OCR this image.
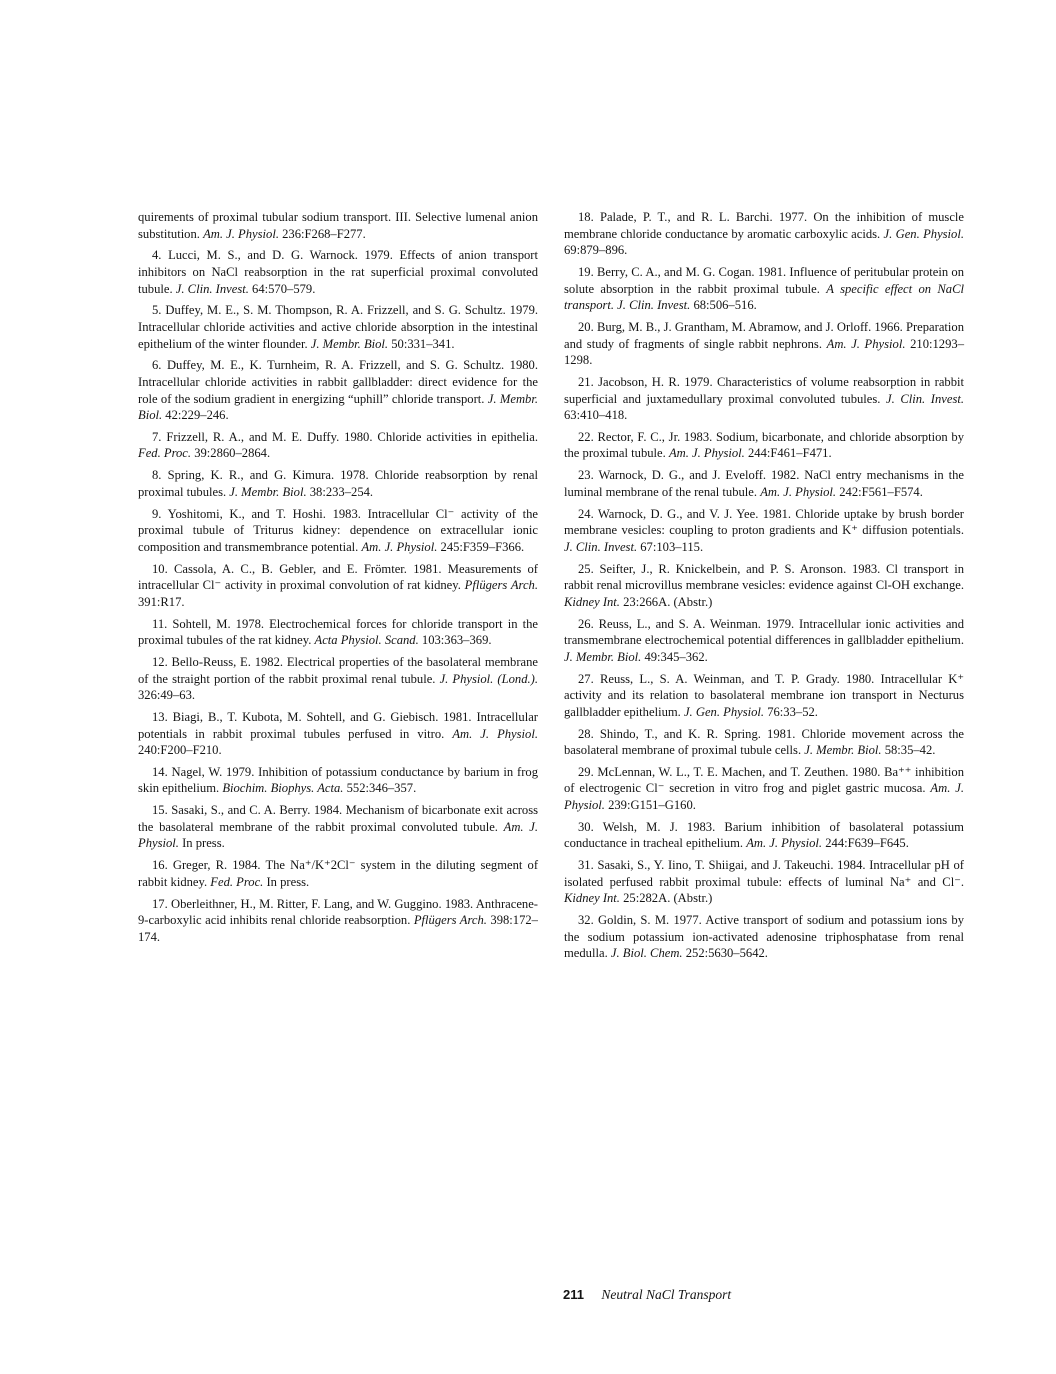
quirements of proximal tubular sodium transport. III. Selective lumenal anion substitution. Am. J. Physiol. 236:F268–F277.

4. Lucci, M. S., and D. G. Warnock. 1979. Effects of anion transport inhibitors on NaCl reabsorption in the rat superficial proximal convoluted tubule. J. Clin. Invest. 64:570–579.

5. Duffey, M. E., S. M. Thompson, R. A. Frizzell, and S. G. Schultz. 1979. Intracellular chloride activities and active chloride absorption in the intestinal epithelium of the winter flounder. J. Membr. Biol. 50:331–341.

6. Duffey, M. E., K. Turnheim, R. A. Frizzell, and S. G. Schultz. 1980. Intracellular chloride activities in rabbit gallbladder: direct evidence for the role of the sodium gradient in energizing “uphill” chloride transport. J. Membr. Biol. 42:229–246.

7. Frizzell, R. A., and M. E. Duffy. 1980. Chloride activities in epithelia. Fed. Proc. 39:2860–2864.

8. Spring, K. R., and G. Kimura. 1978. Chloride reabsorption by renal proximal tubules. J. Membr. Biol. 38:233–254.

9. Yoshitomi, K., and T. Hoshi. 1983. Intracellular Cl⁻ activity of the proximal tubule of Triturus kidney: dependence on extracellular ionic composition and transmembrance potential. Am. J. Physiol. 245:F359–F366.

10. Cassola, A. C., B. Gebler, and E. Frömter. 1981. Measurements of intracellular Cl⁻ activity in proximal convolution of rat kidney. Pflügers Arch. 391:R17.

11. Sohtell, M. 1978. Electrochemical forces for chloride transport in the proximal tubules of the rat kidney. Acta Physiol. Scand. 103:363–369.

12. Bello-Reuss, E. 1982. Electrical properties of the basolateral membrane of the straight portion of the rabbit proximal renal tubule. J. Physiol. (Lond.). 326:49–63.

13. Biagi, B., T. Kubota, M. Sohtell, and G. Giebisch. 1981. Intracellular potentials in rabbit proximal tubules perfused in vitro. Am. J. Physiol. 240:F200–F210.

14. Nagel, W. 1979. Inhibition of potassium conductance by barium in frog skin epithelium. Biochim. Biophys. Acta. 552:346–357.

15. Sasaki, S., and C. A. Berry. 1984. Mechanism of bicarbonate exit across the basolateral membrane of the rabbit proximal convoluted tubule. Am. J. Physiol. In press.

16. Greger, R. 1984. The Na⁺/K⁺2Cl⁻ system in the diluting segment of rabbit kidney. Fed. Proc. In press.

17. Oberleithner, H., M. Ritter, F. Lang, and W. Guggino. 1983. Anthracene-9-carboxylic acid inhibits renal chloride reabsorption. Pflügers Arch. 398:172–174.

18. Palade, P. T., and R. L. Barchi. 1977. On the inhibition of muscle membrane chloride conductance by aromatic carboxylic acids. J. Gen. Physiol. 69:879–896.

19. Berry, C. A., and M. G. Cogan. 1981. Influence of peritubular protein on solute absorption in the rabbit proximal tubule. A specific effect on NaCl transport. J. Clin. Invest. 68:506–516.

20. Burg, M. B., J. Grantham, M. Abramow, and J. Orloff. 1966. Preparation and study of fragments of single rabbit nephrons. Am. J. Physiol. 210:1293–1298.

21. Jacobson, H. R. 1979. Characteristics of volume reabsorption in rabbit superficial and juxtamedullary proximal convoluted tubules. J. Clin. Invest. 63:410–418.

22. Rector, F. C., Jr. 1983. Sodium, bicarbonate, and chloride absorption by the proximal tubule. Am. J. Physiol. 244:F461–F471.

23. Warnock, D. G., and J. Eveloff. 1982. NaCl entry mechanisms in the luminal membrane of the renal tubule. Am. J. Physiol. 242:F561–F574.

24. Warnock, D. G., and V. J. Yee. 1981. Chloride uptake by brush border membrane vesicles: coupling to proton gradients and K⁺ diffusion potentials. J. Clin. Invest. 67:103–115.

25. Seifter, J., R. Knickelbein, and P. S. Aronson. 1983. Cl transport in rabbit renal microvillus membrane vesicles: evidence against Cl-OH exchange. Kidney Int. 23:266A. (Abstr.)

26. Reuss, L., and S. A. Weinman. 1979. Intracellular ionic activities and transmembrane electrochemical potential differences in gallbladder epithelium. J. Membr. Biol. 49:345–362.

27. Reuss, L., S. A. Weinman, and T. P. Grady. 1980. Intracellular K⁺ activity and its relation to basolateral membrane ion transport in Necturus gallbladder epithelium. J. Gen. Physiol. 76:33–52.

28. Shindo, T., and K. R. Spring. 1981. Chloride movement across the basolateral membrane of proximal tubule cells. J. Membr. Biol. 58:35–42.

29. McLennan, W. L., T. E. Machen, and T. Zeuthen. 1980. Ba⁺⁺ inhibition of electrogenic Cl⁻ secretion in vitro frog and piglet gastric mucosa. Am. J. Physiol. 239:G151–G160.

30. Welsh, M. J. 1983. Barium inhibition of basolateral potassium conductance in tracheal epithelium. Am. J. Physiol. 244:F639–F645.

31. Sasaki, S., Y. Iino, T. Shiigai, and J. Takeuchi. 1984. Intracellular pH of isolated perfused rabbit proximal tubule: effects of luminal Na⁺ and Cl⁻. Kidney Int. 25:282A. (Abstr.)

32. Goldin, S. M. 1977. Active transport of sodium and potassium ions by the sodium potassium ion-activated adenosine triphosphatase from renal medulla. J. Biol. Chem. 252:5630–5642.

211 Neutral NaCl Transport
